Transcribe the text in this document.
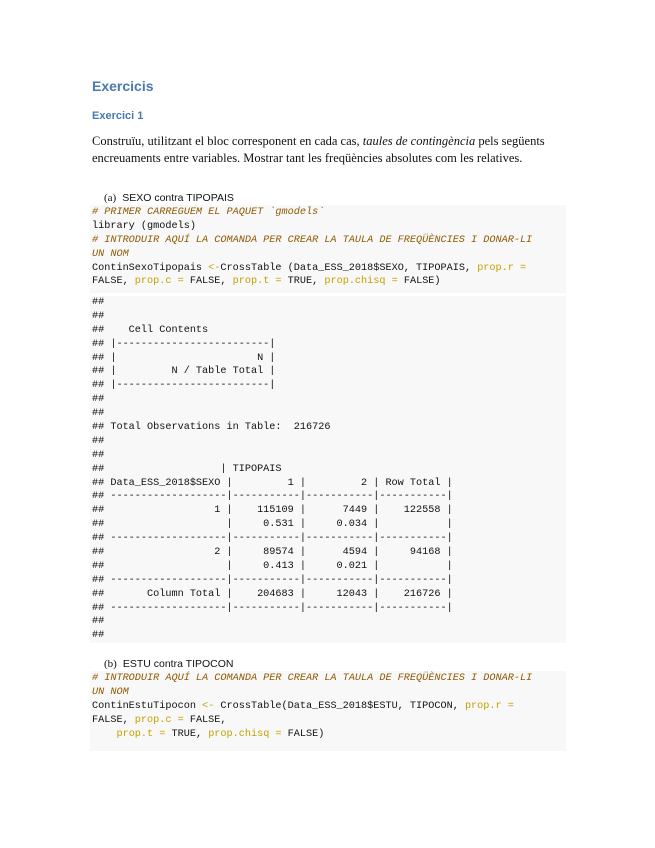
Exercicis
Exercici 1

Construïu, utilitzant el bloc corresponent en cada cas, taules de contingència pels següents encreuaments entre variables. Mostrar tant les freqüències absolutes com les relatives.

(a) SEXO contra TIPOPAIS

# PRIMER CARREGUEM EL PAQUET `gmodels`
library (gmodels)
# INTRODUIR AQUÍ LA COMANDA PER CREAR LA TAULA DE FREQÜÈNCIES I DONAR-LI
UN NOM
ContinSexoTipopais <-CrossTable (Data_ESS_2018$SEXO, TIPOPAIS, prop.r =
FALSE, prop.c = FALSE, prop.t = TRUE, prop.chisq = FALSE)
##
##
##    Cell Contents
## |-------------------------|
## |                       N |
## |         N / Table Total |
## |-------------------------|
##
##
## Total Observations in Table:  216726
##
##
##                   | TIPOPAIS
## Data_ESS_2018$SEXO |         1 |         2 | Row Total |
## -------------------|-----------|-----------|-----------|
##                  1 |    115109 |      7449 |    122558 |
##                    |     0.531 |     0.034 |           |
## -------------------|-----------|-----------|-----------|
##                  2 |     89574 |      4594 |     94168 |
##                    |     0.413 |     0.021 |           |
## -------------------|-----------|-----------|-----------|
##       Column Total |    204683 |     12043 |    216726 |
## -------------------|-----------|-----------|-----------|
##
##

(b) ESTU contra TIPOCON

# INTRODUIR AQUÍ LA COMANDA PER CREAR LA TAULA DE FREQÜÈNCIES I DONAR-LI
UN NOM
ContinEstuTipocon <- CrossTable(Data_ESS_2018$ESTU, TIPOCON, prop.r =
FALSE, prop.c = FALSE,
prop.t = TRUE, prop.chisq = FALSE)
